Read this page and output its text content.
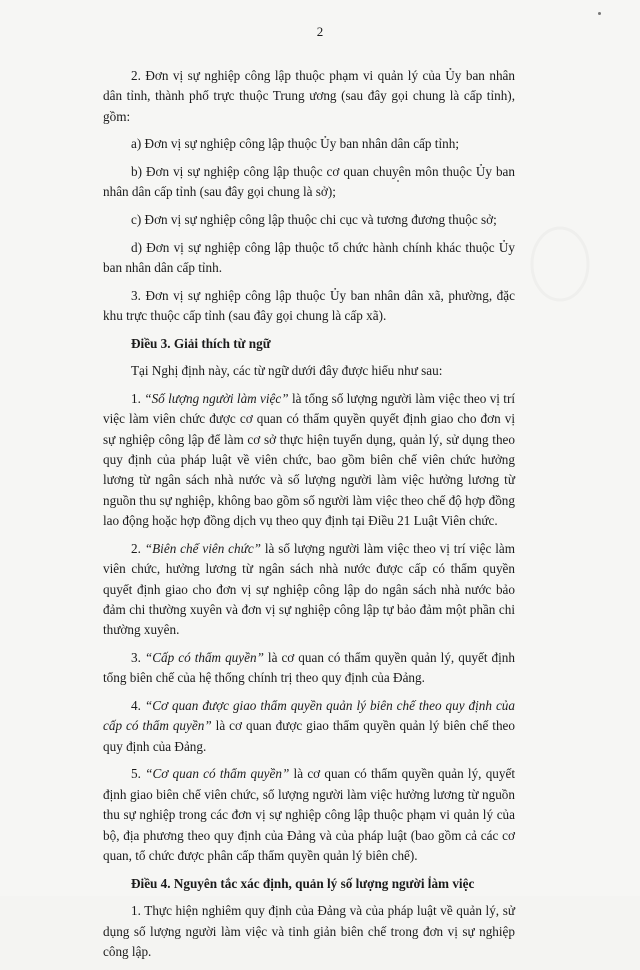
2

2. Đơn vị sự nghiệp công lập thuộc phạm vi quản lý của Ủy ban nhân dân tỉnh, thành phố trực thuộc Trung ương (sau đây gọi chung là cấp tỉnh), gồm:

a) Đơn vị sự nghiệp công lập thuộc Ủy ban nhân dân cấp tỉnh;

b) Đơn vị sự nghiệp công lập thuộc cơ quan chuyên môn thuộc Ủy ban nhân dân cấp tỉnh (sau đây gọi chung là sở);

c) Đơn vị sự nghiệp công lập thuộc chi cục và tương đương thuộc sở;

d) Đơn vị sự nghiệp công lập thuộc tổ chức hành chính khác thuộc Ủy ban nhân dân cấp tỉnh.

3. Đơn vị sự nghiệp công lập thuộc Ủy ban nhân dân xã, phường, đặc khu trực thuộc cấp tỉnh (sau đây gọi chung là cấp xã).

Điều 3. Giải thích từ ngữ

Tại Nghị định này, các từ ngữ dưới đây được hiểu như sau:

1. “Số lượng người làm việc” là tổng số lượng người làm việc theo vị trí việc làm viên chức được cơ quan có thẩm quyền quyết định giao cho đơn vị sự nghiệp công lập để làm cơ sở thực hiện tuyển dụng, quản lý, sử dụng theo quy định của pháp luật về viên chức, bao gồm biên chế viên chức hưởng lương từ ngân sách nhà nước và số lượng người làm việc hưởng lương từ nguồn thu sự nghiệp, không bao gồm số người làm việc theo chế độ hợp đồng lao động hoặc hợp đồng dịch vụ theo quy định tại Điều 21 Luật Viên chức.

2. “Biên chế viên chức” là số lượng người làm việc theo vị trí việc làm viên chức, hưởng lương từ ngân sách nhà nước được cấp có thẩm quyền quyết định giao cho đơn vị sự nghiệp công lập do ngân sách nhà nước bảo đảm chi thường xuyên và đơn vị sự nghiệp công lập tự bảo đảm một phần chi thường xuyên.

3. “Cấp có thẩm quyền” là cơ quan có thẩm quyền quản lý, quyết định tổng biên chế của hệ thống chính trị theo quy định của Đảng.

4. “Cơ quan được giao thẩm quyền quản lý biên chế theo quy định của cấp có thẩm quyền” là cơ quan được giao thẩm quyền quản lý biên chế theo quy định của Đảng.

5. “Cơ quan có thẩm quyền” là cơ quan có thẩm quyền quản lý, quyết định giao biên chế viên chức, số lượng người làm việc hưởng lương từ nguồn thu sự nghiệp trong các đơn vị sự nghiệp công lập thuộc phạm vi quản lý của bộ, địa phương theo quy định của Đảng và của pháp luật (bao gồm cả các cơ quan, tổ chức được phân cấp thẩm quyền quản lý biên chế).

Điều 4. Nguyên tắc xác định, quản lý số lượng người làm việc

1. Thực hiện nghiêm quy định của Đảng và của pháp luật về quản lý, sử dụng số lượng người làm việc và tinh giản biên chế trong đơn vị sự nghiệp công lập.
